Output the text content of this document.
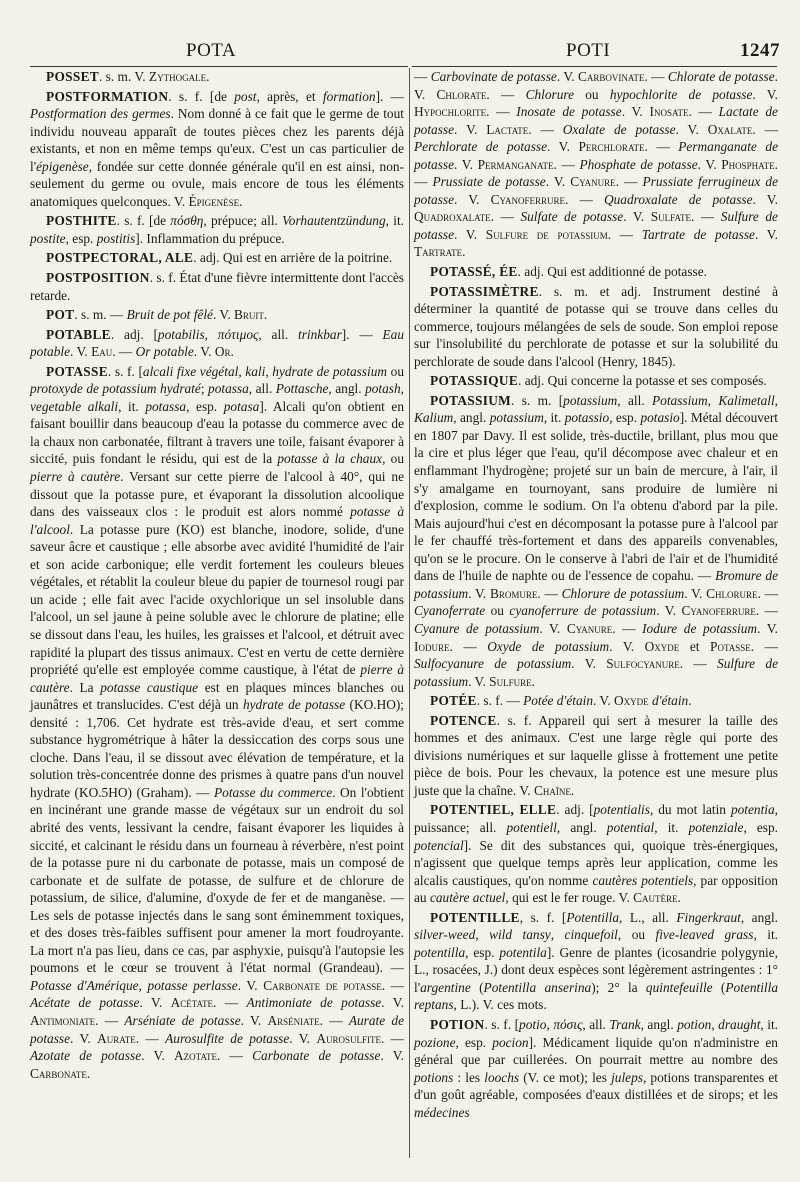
POTA	POTI	1247

POSSET. s. m. V. Zythogale.

POSTFORMATION. s. f. [de post, après, et formation]. — Postformation des germes. Nom donné à ce fait que le germe de tout individu nouveau apparaît de toutes pièces chez les parents déjà existants, et non en même temps qu'eux. C'est un cas particulier de l'épigenèse, fondée sur cette donnée générale qu'il en est ainsi, non-seulement du germe ou ovule, mais encore de tous les éléments anatomiques quelconques. V. Épigenèse.

POSTHITE. s. f. [de πόσθη, prépuce; all. Vorhautentzündung, it. postite, esp. postitis]. Inflammation du prépuce.

POSTPECTORAL, ALE. adj. Qui est en arrière de la poitrine.

POSTPOSITION. s. f. État d'une fièvre intermittente dont l'accès retarde.

POT. s. m. — Bruit de pot fêlé. V. Bruit.

POTABLE. adj. [potabilis, πότιμος, all. trinkbar]. — Eau potable. V. Eau. — Or potable. V. Or.

POTASSE. s. f. [alcali fixe végétal, kali, hydrate de potassium ou protoxyde de potassium hydraté; potassa, all. Pottasche, angl. potash, vegetable alkali, it. potassa, esp. potasa]. Alcali qu'on obtient en faisant bouillir dans beaucoup d'eau la potasse du commerce avec de la chaux non carbonatée, filtrant à travers une toile, faisant évaporer à siccité, puis fondant le résidu, qui est de la potasse à la chaux, ou pierre à cautère. Versant sur cette pierre de l'alcool à 40°, qui ne dissout que la potasse pure, et évaporant la dissolution alcoolique dans des vaisseaux clos : le produit est alors nommé potasse à l'alcool. La potasse pure (KO) est blanche, inodore, solide, d'une saveur âcre et caustique ; elle absorbe avec avidité l'humidité de l'air et son acide carbonique; elle verdit fortement les couleurs bleues végétales, et rétablit la couleur bleue du papier de tournesol rougi par un acide ; elle fait avec l'acide oxychlorique un sel insoluble dans l'alcool, un sel jaune à peine soluble avec le chlorure de platine; elle se dissout dans l'eau, les huiles, les graisses et l'alcool, et détruit avec rapidité la plupart des tissus animaux. C'est en vertu de cette dernière propriété qu'elle est employée comme caustique, à l'état de pierre à cautère. La potasse caustique est en plaques minces blanches ou jaunâtres et translucides. C'est déjà un hydrate de potasse (KO.HO); densité : 1,706. Cet hydrate est très-avide d'eau, et sert comme substance hygrométrique à hâter la dessiccation des corps sous une cloche. Dans l'eau, il se dissout avec élévation de température, et la solution très-concentrée donne des prismes à quatre pans d'un nouvel hydrate (KO.5HO) (Graham). — Potasse du commerce. On l'obtient en incinérant une grande masse de végétaux sur un endroit du sol abrité des vents, lessivant la cendre, faisant évaporer les liquides à siccité, et calcinant le résidu dans un fourneau à réverbère, n'est point de la potasse pure ni du carbonate de potasse, mais un composé de carbonate et de sulfate de potasse, de sulfure et de chlorure de potassium, de silice, d'alumine, d'oxyde de fer et de manganèse. — Les sels de potasse injectés dans le sang sont éminemment toxiques, et des doses très-faibles suffisent pour amener la mort foudroyante. La mort n'a pas lieu, dans ce cas, par asphyxie, puisqu'à l'autopsie les poumons et le cœur se trouvent à l'état normal (Grandeau). — Potasse d'Amérique, potasse perlasse. V. Carbonate de potasse. — Acétate de potasse. V. Acétate. — Antimoniate de potasse. V. Antimoniate. — Arséniate de potasse. V. Arséniate. — Aurate de potasse. V. Aurate. — Aurosulfite de potasse. V. Aurosulfite. — Azotate de potasse. V. Azotate. — Carbonate de potasse. V. Carbonate.

— Carbovinate de potasse. V. Carbovinate. — Chlorate de potasse. V. Chlorate. — Chlorure ou hypochlorite de potasse. V. Hypochlorite. — Inosate de potasse. V. Inosate. — Lactate de potasse. V. Lactate. — Oxalate de potasse. V. Oxalate. — Perchlorate de potasse. V. Perchlorate. — Permanganate de potasse. V. Permanganate. — Phosphate de potasse. V. Phosphate. — Prussiate de potasse. V. Cyanure. — Prussiate ferrugineux de potasse. V. Cyanoferrure. — Quadroxalate de potasse. V. Quadroxalate. — Sulfate de potasse. V. Sulfate. — Sulfure de potasse. V. Sulfure de potassium. — Tartrate de potasse. V. Tartrate.

POTASSÉ, ÉE. adj. Qui est additionné de potasse.

POTASSIMÈTRE. s. m. et adj. Instrument destiné à déterminer la quantité de potasse qui se trouve dans celles du commerce, toujours mélangées de sels de soude. Son emploi repose sur l'insolubilité du perchlorate de potasse et sur la solubilité du perchlorate de soude dans l'alcool (Henry, 1845).

POTASSIQUE. adj. Qui concerne la potasse et ses composés.

POTASSIUM. s. m. [potassium, all. Potassium, Kalimetall, Kalium, angl. potassium, it. potassio, esp. potasio]. Métal découvert en 1807 par Davy. Il est solide, très-ductile, brillant, plus mou que la cire et plus léger que l'eau, qu'il décompose avec chaleur et en enflammant l'hydrogène; projeté sur un bain de mercure, à l'air, il s'y amalgame en tournoyant, sans produire de lumière ni d'explosion, comme le sodium. On l'a obtenu d'abord par la pile. Mais aujourd'hui c'est en décomposant la potasse pure à l'alcool par le fer chauffé très-fortement et dans des appareils convenables, qu'on se le procure. On le conserve à l'abri de l'air et de l'humidité dans de l'huile de naphte ou de l'essence de copahu. — Bromure de potassium. V. Bromure. — Chlorure de potassium. V. Chlorure. — Cyanoferrate ou cyanoferrure de potassium. V. Cyanoferrure. — Cyanure de potassium. V. Cyanure. — Iodure de potassium. V. Iodure. — Oxyde de potassium. V. Oxyde et Potasse. — Sulfocyanure de potassium. V. Sulfocyanure. — Sulfure de potassium. V. Sulfure.

POTÉE. s. f. — Potée d'étain. V. Oxyde d'étain.

POTENCE. s. f. Appareil qui sert à mesurer la taille des hommes et des animaux. C'est une large règle qui porte des divisions numériques et sur laquelle glisse à frottement une petite pièce de bois. Pour les chevaux, la potence est une mesure plus juste que la chaîne. V. Chaîne.

POTENTIEL, ELLE. adj. [potentialis, du mot latin potentia, puissance; all. potentiell, angl. potential, it. potenziale, esp. potencial]. Se dit des substances qui, quoique très-énergiques, n'agissent que quelque temps après leur application, comme les alcalis caustiques, qu'on nomme cautères potentiels, par opposition au cautère actuel, qui est le fer rouge. V. Cautère.

POTENTILLE, s. f. [Potentilla, L., all. Fingerkraut, angl. silver-weed, wild tansy, cinquefoil, ou five-leaved grass, it. potentilla, esp. potentila]. Genre de plantes (icosandrie polygynie, L., rosacées, J.) dont deux espèces sont légèrement astringentes : 1° l'argentine (Potentilla anserina); 2° la quintefeuille (Potentilla reptans, L.). V. ces mots.

POTION. s. f. [potio, πόσις, all. Trank, angl. potion, draught, it. pozione, esp. pocion]. Médicament liquide qu'on n'administre en général que par cuillerées. On pourrait mettre au nombre des potions : les loochs (V. ce mot); les juleps, potions transparentes et d'un goût agréable, composées d'eaux distillées et de sirops; et les médecines
